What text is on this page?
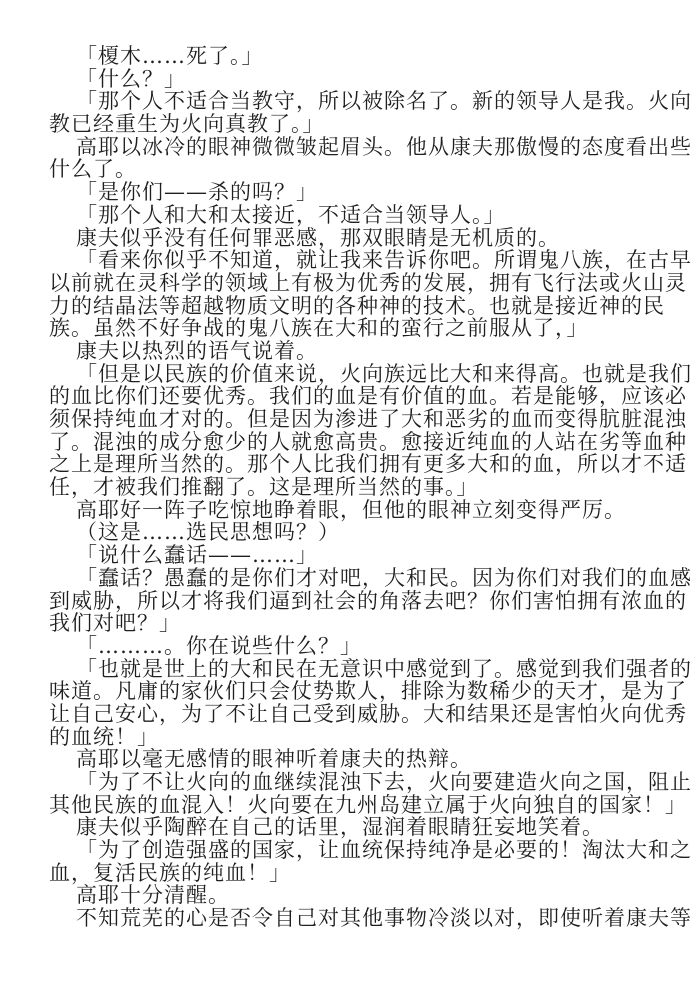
「榎木……死了。」
「什么？」
「那个人不适合当教守，所以被除名了。新的领导人是我。火向
教已经重生为火向真教了。」
高耶以冰冷的眼神微微皱起眉头。他从康夫那傲慢的态度看出些
什么了。
「是你们——杀的吗？」
「那个人和大和太接近，不适合当领导人。」
康夫似乎没有任何罪恶感，那双眼睛是无机质的。
「看来你似乎不知道，就让我来告诉你吧。所谓鬼八族，在古早
以前就在灵科学的领域上有极为优秀的发展，拥有飞行法或火山灵
力的结晶法等超越物质文明的各种神的技术。也就是接近神的民
族。虽然不好争战的鬼八族在大和的蛮行之前服从了，」
康夫以热烈的语气说着。
「但是以民族的价值来说，火向族远比大和来得高。也就是我们
的血比你们还要优秀。我们的血是有价值的血。若是能够，应该必
须保持纯血才对的。但是因为渗进了大和恶劣的血而变得肮脏混浊
了。混浊的成分愈少的人就愈高贵。愈接近纯血的人站在劣等血种
之上是理所当然的。那个人比我们拥有更多大和的血，所以才不适
任，才被我们推翻了。这是理所当然的事。」
高耶好一阵子吃惊地睁着眼，但他的眼神立刻变得严厉。
（这是……选民思想吗？）
「说什么蠢话——……」
「蠢话？愚蠢的是你们才对吧，大和民。因为你们对我们的血感
到威胁，所以才将我们逼到社会的角落去吧？你们害怕拥有浓血的
我们对吧？」
「………。你在说些什么？」
「也就是世上的大和民在无意识中感觉到了。感觉到我们强者的
味道。凡庸的家伙们只会仗势欺人，排除为数稀少的天才，是为了
让自己安心，为了不让自己受到威胁。大和结果还是害怕火向优秀
的血统！」
高耶以毫无感情的眼神听着康夫的热辩。
「为了不让火向的血继续混浊下去，火向要建造火向之国，阻止
其他民族的血混入！火向要在九州岛建立属于火向独自的国家！」
康夫似乎陶醉在自己的话里，湿润着眼睛狂妄地笑着。
「为了创造强盛的国家，让血统保持纯净是必要的！淘汰大和之
血，复活民族的纯血！」
高耶十分清醒。
不知荒芜的心是否令自己对其他事物冷淡以对，即使听着康夫等
